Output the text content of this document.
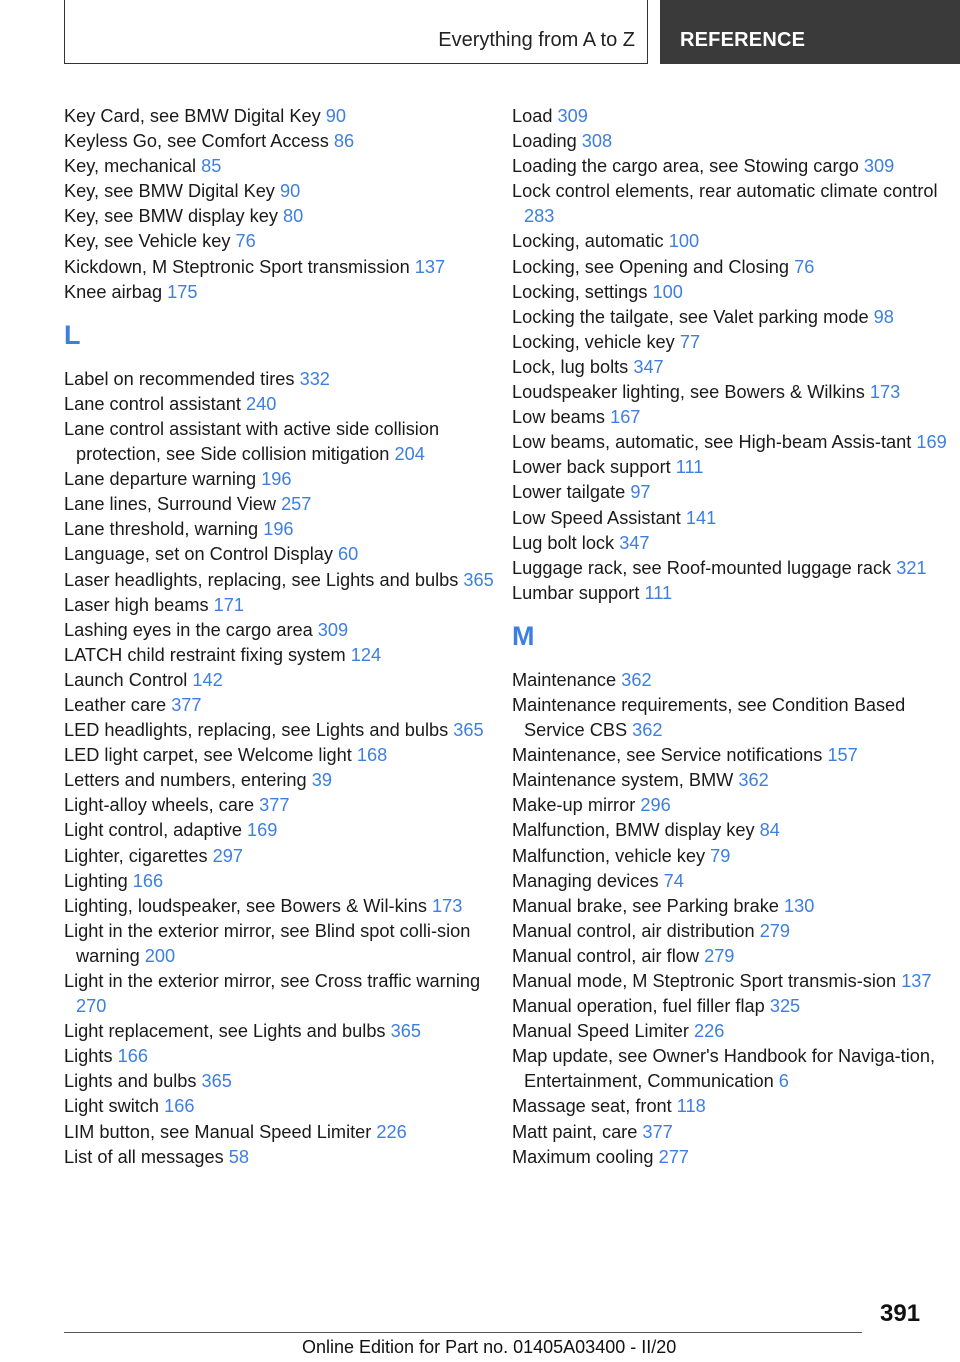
Everything from A to Z REFERENCE
Key Card, see BMW Digital Key 90
Keyless Go, see Comfort Access 86
Key, mechanical 85
Key, see BMW Digital Key 90
Key, see BMW display key 80
Key, see Vehicle key 76
Kickdown, M Steptronic Sport transmission 137
Knee airbag 175
L
Label on recommended tires 332
Lane control assistant 240
Lane control assistant with active side collision protection, see Side collision mitigation 204
Lane departure warning 196
Lane lines, Surround View 257
Lane threshold, warning 196
Language, set on Control Display 60
Laser headlights, replacing, see Lights and bulbs 365
Laser high beams 171
Lashing eyes in the cargo area 309
LATCH child restraint fixing system 124
Launch Control 142
Leather care 377
LED headlights, replacing, see Lights and bulbs 365
LED light carpet, see Welcome light 168
Letters and numbers, entering 39
Light-alloy wheels, care 377
Light control, adaptive 169
Lighter, cigarettes 297
Lighting 166
Lighting, loudspeaker, see Bowers & Wil-kins 173
Light in the exterior mirror, see Blind spot colli-sion warning 200
Light in the exterior mirror, see Cross traffic warning 270
Light replacement, see Lights and bulbs 365
Lights 166
Lights and bulbs 365
Light switch 166
LIM button, see Manual Speed Limiter 226
List of all messages 58
Load 309
Loading 308
Loading the cargo area, see Stowing cargo 309
Lock control elements, rear automatic climate control 283
Locking, automatic 100
Locking, see Opening and Closing 76
Locking, settings 100
Locking the tailgate, see Valet parking mode 98
Locking, vehicle key 77
Lock, lug bolts 347
Loudspeaker lighting, see Bowers & Wilkins 173
Low beams 167
Low beams, automatic, see High-beam Assis-tant 169
Lower back support 111
Lower tailgate 97
Low Speed Assistant 141
Lug bolt lock 347
Luggage rack, see Roof-mounted luggage rack 321
Lumbar support 111
M
Maintenance 362
Maintenance requirements, see Condition Based Service CBS 362
Maintenance, see Service notifications 157
Maintenance system, BMW 362
Make-up mirror 296
Malfunction, BMW display key 84
Malfunction, vehicle key 79
Managing devices 74
Manual brake, see Parking brake 130
Manual control, air distribution 279
Manual control, air flow 279
Manual mode, M Steptronic Sport transmis-sion 137
Manual operation, fuel filler flap 325
Manual Speed Limiter 226
Map update, see Owner's Handbook for Naviga-tion, Entertainment, Communication 6
Massage seat, front 118
Matt paint, care 377
Maximum cooling 277
391
Online Edition for Part no. 01405A03400 - II/20
